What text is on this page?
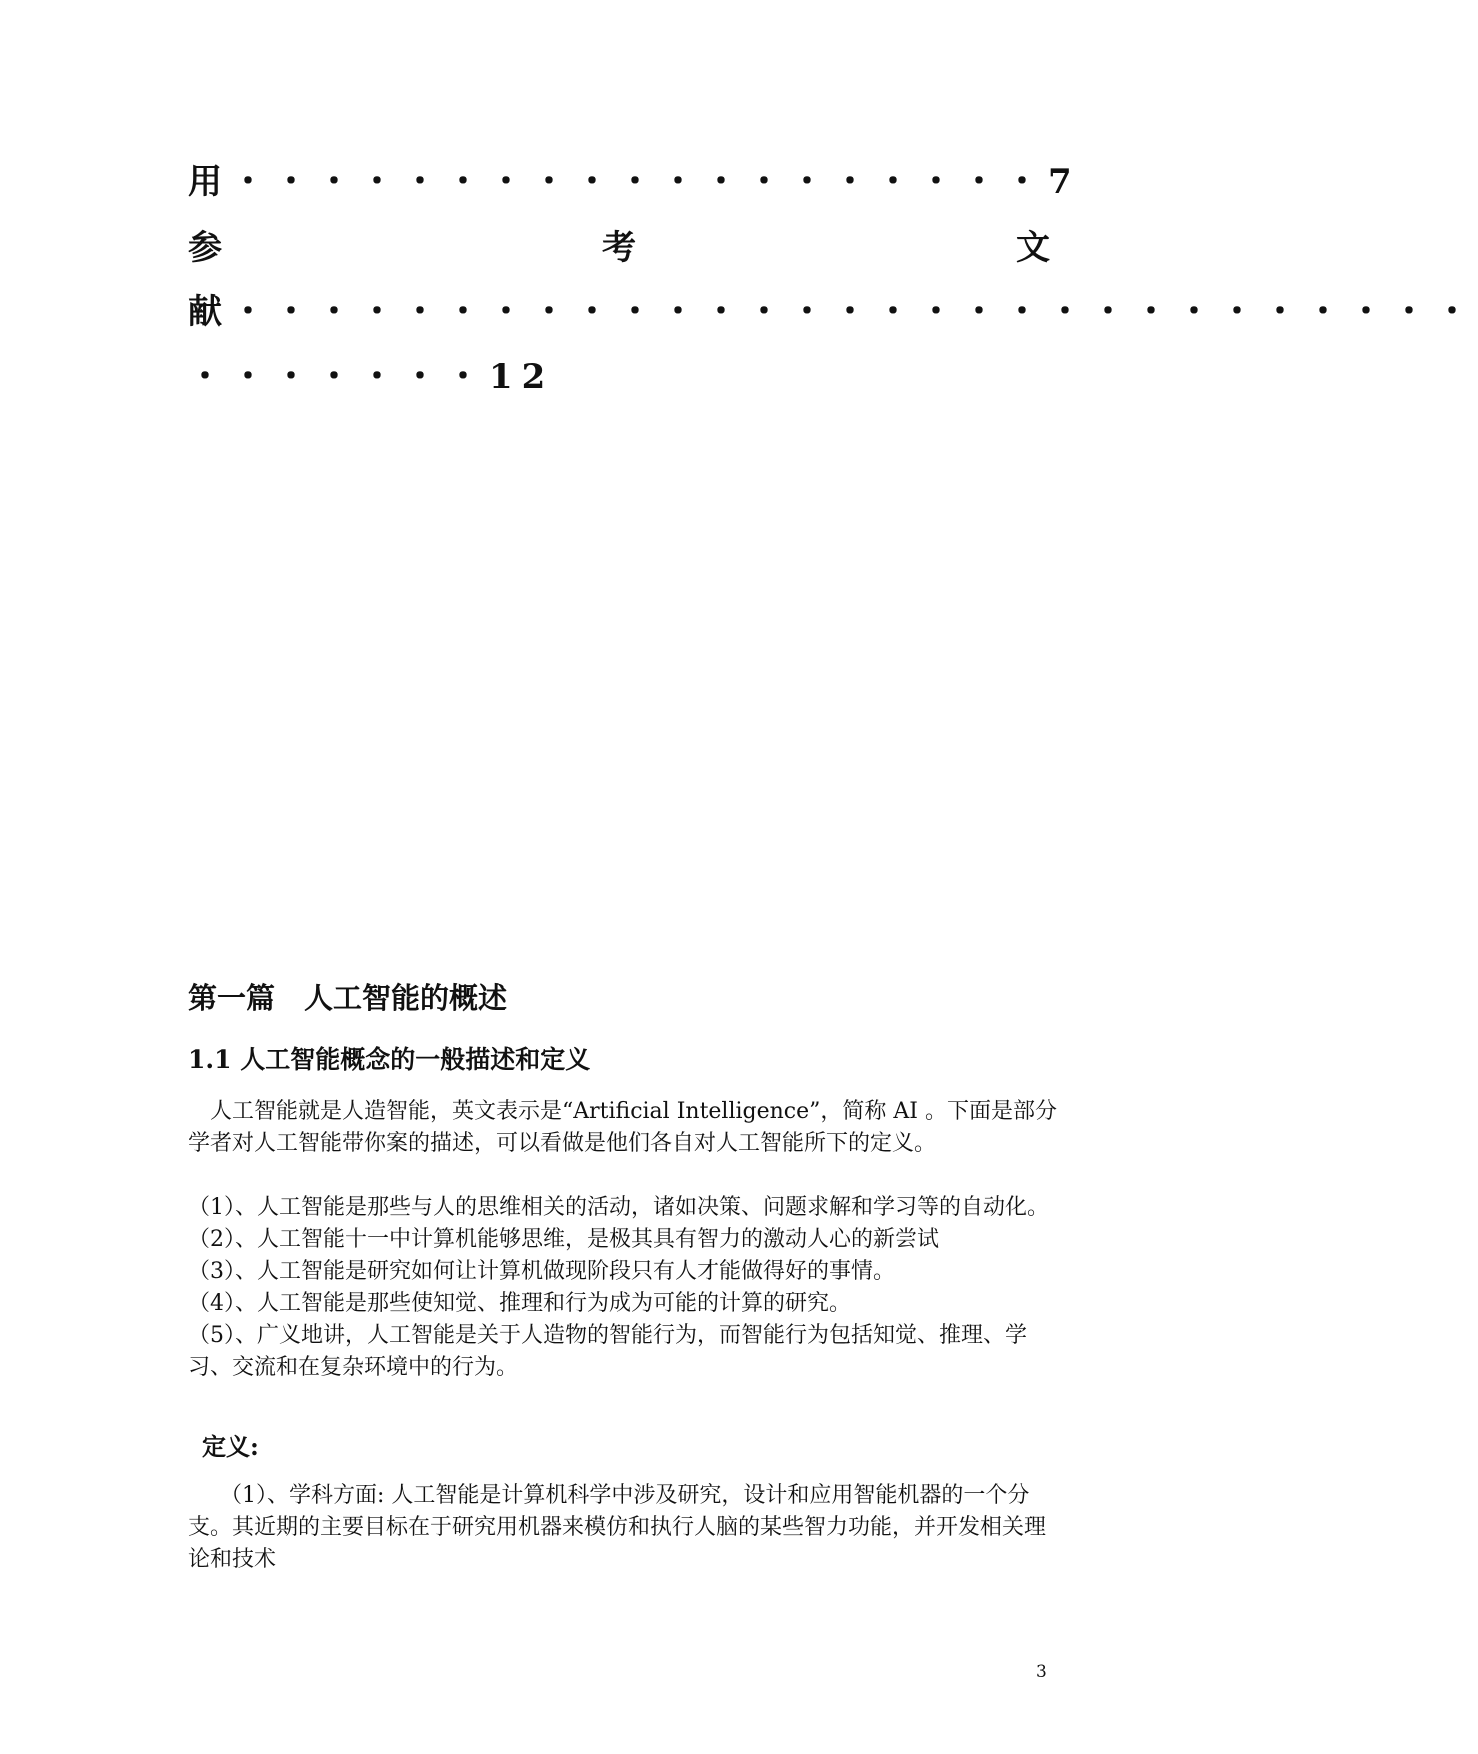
用・・・・・・・・・・・・・・・・・・・7
参	考	文
献・・・・・・・・・・・・・・・・・・・・・・・・・・・・・
・・・・・・・12
第一篇　人工智能的概述
1.1 人工智能概念的一般描述和定义

人工智能就是人造智能，英文表示是“Artificial Intelligence”，简称 AI 。下面是部分学者对人工智能带你案的描述，可以看做是他们各自对人工智能所下的定义。

（1）、人工智能是那些与人的思维相关的活动，诸如决策、问题求解和学习等的自动化。

（2）、人工智能十一中计算机能够思维，是极其具有智力的激动人心的新尝试

（3）、人工智能是研究如何让计算机做现阶段只有人才能做得好的事情。

（4）、人工智能是那些使知觉、推理和行为成为可能的计算的研究。

（5）、广义地讲，人工智能是关于人造物的智能行为，而智能行为包括知觉、推理、学习、交流和在复杂环境中的行为。

定义:

（1）、学科方面: 人工智能是计算机科学中涉及研究，设计和应用智能机器的一个分支。其近期的主要目标在于研究用机器来模仿和执行人脑的某些智力功能，并开发相关理论和技术

3
